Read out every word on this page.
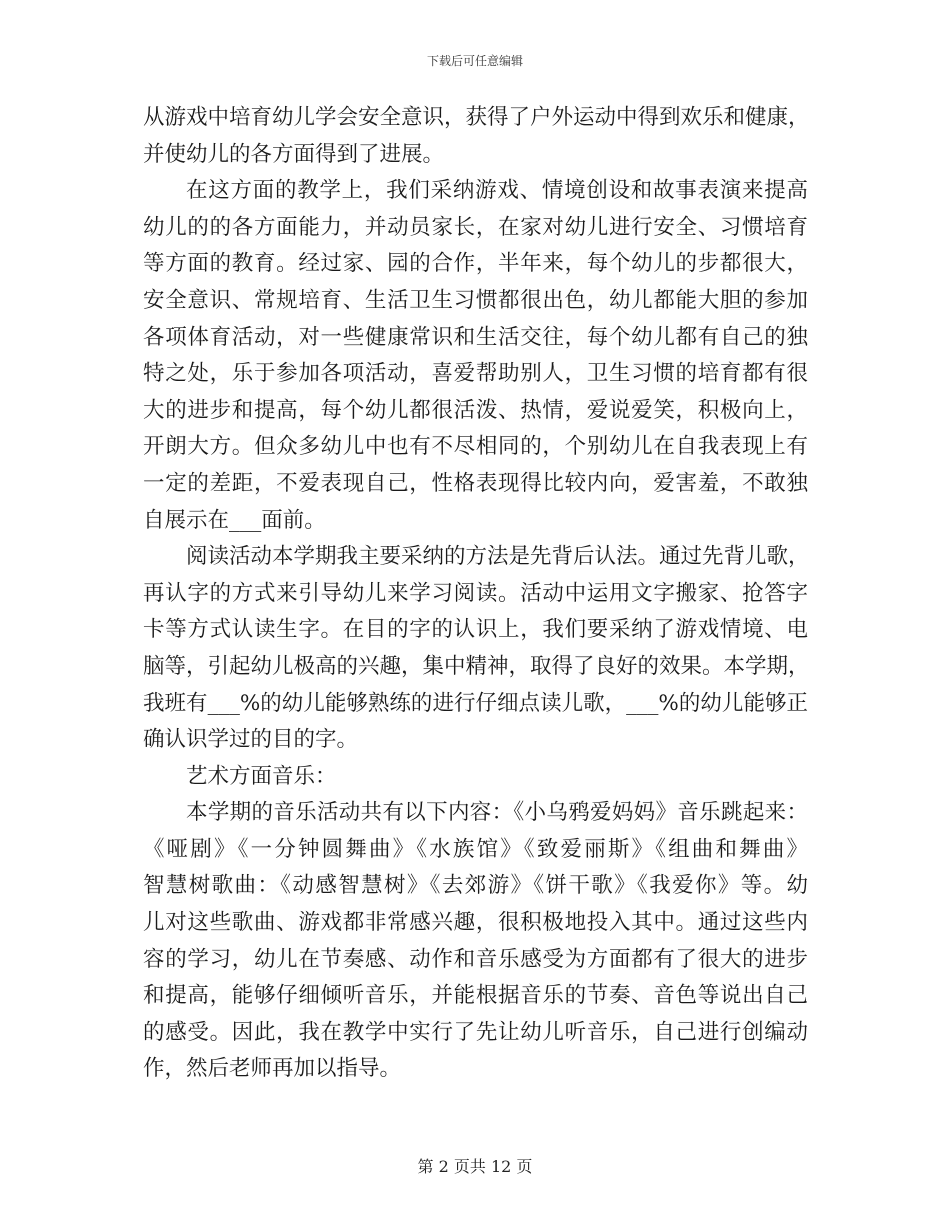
下载后可任意编辑
从游戏中培育幼儿学会安全意识，获得了户外运动中得到欢乐和健康，
并使幼儿的各方面得到了进展。
在这方面的教学上，我们采纳游戏、情境创设和故事表演来提高
幼儿的的各方面能力，并动员家长，在家对幼儿进行安全、习惯培育
等方面的教育。经过家、园的合作，半年来，每个幼儿的步都很大，
安全意识、常规培育、生活卫生习惯都很出色，幼儿都能大胆的参加
各项体育活动，对一些健康常识和生活交往，每个幼儿都有自己的独
特之处，乐于参加各项活动，喜爱帮助别人，卫生习惯的培育都有很
大的进步和提高，每个幼儿都很活泼、热情，爱说爱笑，积极向上，
开朗大方。但众多幼儿中也有不尽相同的，个别幼儿在自我表现上有
一定的差距，不爱表现自己，性格表现得比较内向，爱害羞，不敢独
自展示在___面前。
阅读活动本学期我主要采纳的方法是先背后认法。通过先背儿歌，
再认字的方式来引导幼儿来学习阅读。活动中运用文字搬家、抢答字
卡等方式认读生字。在目的字的认识上，我们要采纳了游戏情境、电
脑等，引起幼儿极高的兴趣，集中精神，取得了良好的效果。本学期，
我班有___%的幼儿能够熟练的进行仔细点读儿歌，___%的幼儿能够正
确认识学过的目的字。
艺术方面音乐：
本学期的音乐活动共有以下内容：《小乌鸦爱妈妈》音乐跳起来：
《哑剧》《一分钟圆舞曲》《水族馆》《致爱丽斯》《组曲和舞曲》
智慧树歌曲：《动感智慧树》《去郊游》《饼干歌》《我爱你》等。幼
儿对这些歌曲、游戏都非常感兴趣，很积极地投入其中。通过这些内
容的学习，幼儿在节奏感、动作和音乐感受为方面都有了很大的进步
和提高，能够仔细倾听音乐，并能根据音乐的节奏、音色等说出自己
的感受。因此，我在教学中实行了先让幼儿听音乐，自己进行创编动
作，然后老师再加以指导。
第 2 页共 12 页
